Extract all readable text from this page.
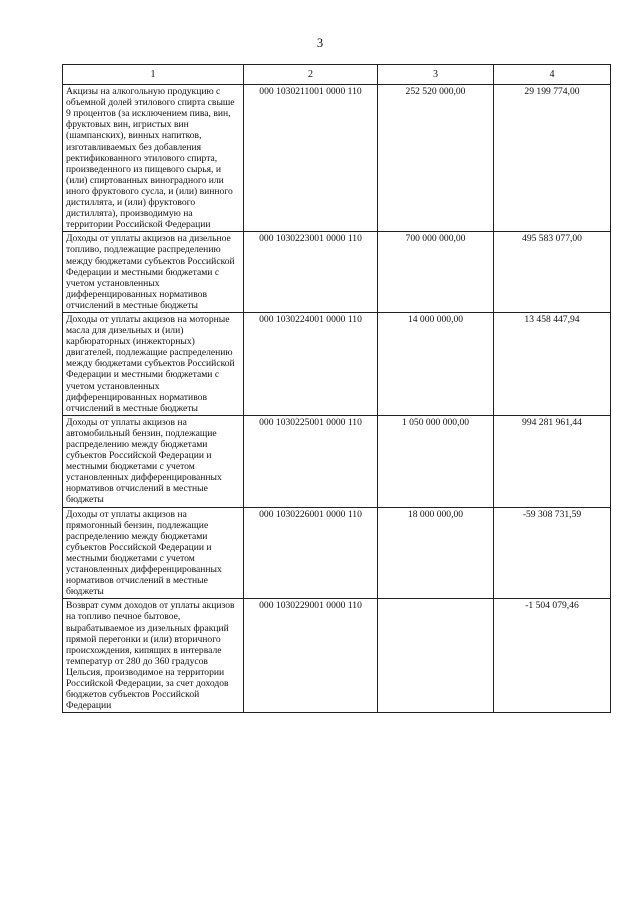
3
1	2	3	4
Акцизы на алкогольную продукцию с объемной долей этилового спирта свыше 9 процентов (за исключением пива, вин, фруктовых вин, игристых вин (шампанских), винных напитков, изготавливаемых без добавления ректификованного этилового спирта, произведенного из пищевого сырья, и (или) спиртованных виноградного или иного фруктового сусла, и (или) винного дистиллята, и (или) фруктового дистиллята), производимую на территории Российской Федерации	000 1030211001 0000 110	252 520 000,00	29 199 774,00
Доходы от уплаты акцизов на дизельное топливо, подлежащие распределению между бюджетами субъектов Российской Федерации и местными бюджетами с учетом установленных дифференцированных нормативов отчислений в местные бюджеты	000 1030223001 0000 110	700 000 000,00	495 583 077,00
Доходы от уплаты акцизов на моторные масла для дизельных и (или) карбюраторных (инжекторных) двигателей, подлежащие распределению между бюджетами субъектов Российской Федерации и местными бюджетами с учетом установленных дифференцированных нормативов отчислений в местные бюджеты	000 1030224001 0000 110	14 000 000,00	13 458 447,94
Доходы от уплаты акцизов на автомобильный бензин, подлежащие распределению между бюджетами субъектов Российской Федерации и местными бюджетами с учетом установленных дифференцированных нормативов отчислений в местные бюджеты	000 1030225001 0000 110	1 050 000 000,00	994 281 961,44
Доходы от уплаты акцизов на прямогонный бензин, подлежащие распределению между бюджетами субъектов Российской Федерации и местными бюджетами с учетом установленных дифференцированных нормативов отчислений в местные бюджеты	000 1030226001 0000 110	18 000 000,00	-59 308 731,59
Возврат сумм доходов от уплаты акцизов на топливо печное бытовое, вырабатываемое из дизельных фракций прямой перегонки и (или) вторичного происхождения, кипящих в интервале температур от 280 до 360 градусов Цельсия, производимое на территории Российской Федерации, за счет доходов бюджетов субъектов Российской Федерации	000 1030229001 0000 110		-1 504 079,46
